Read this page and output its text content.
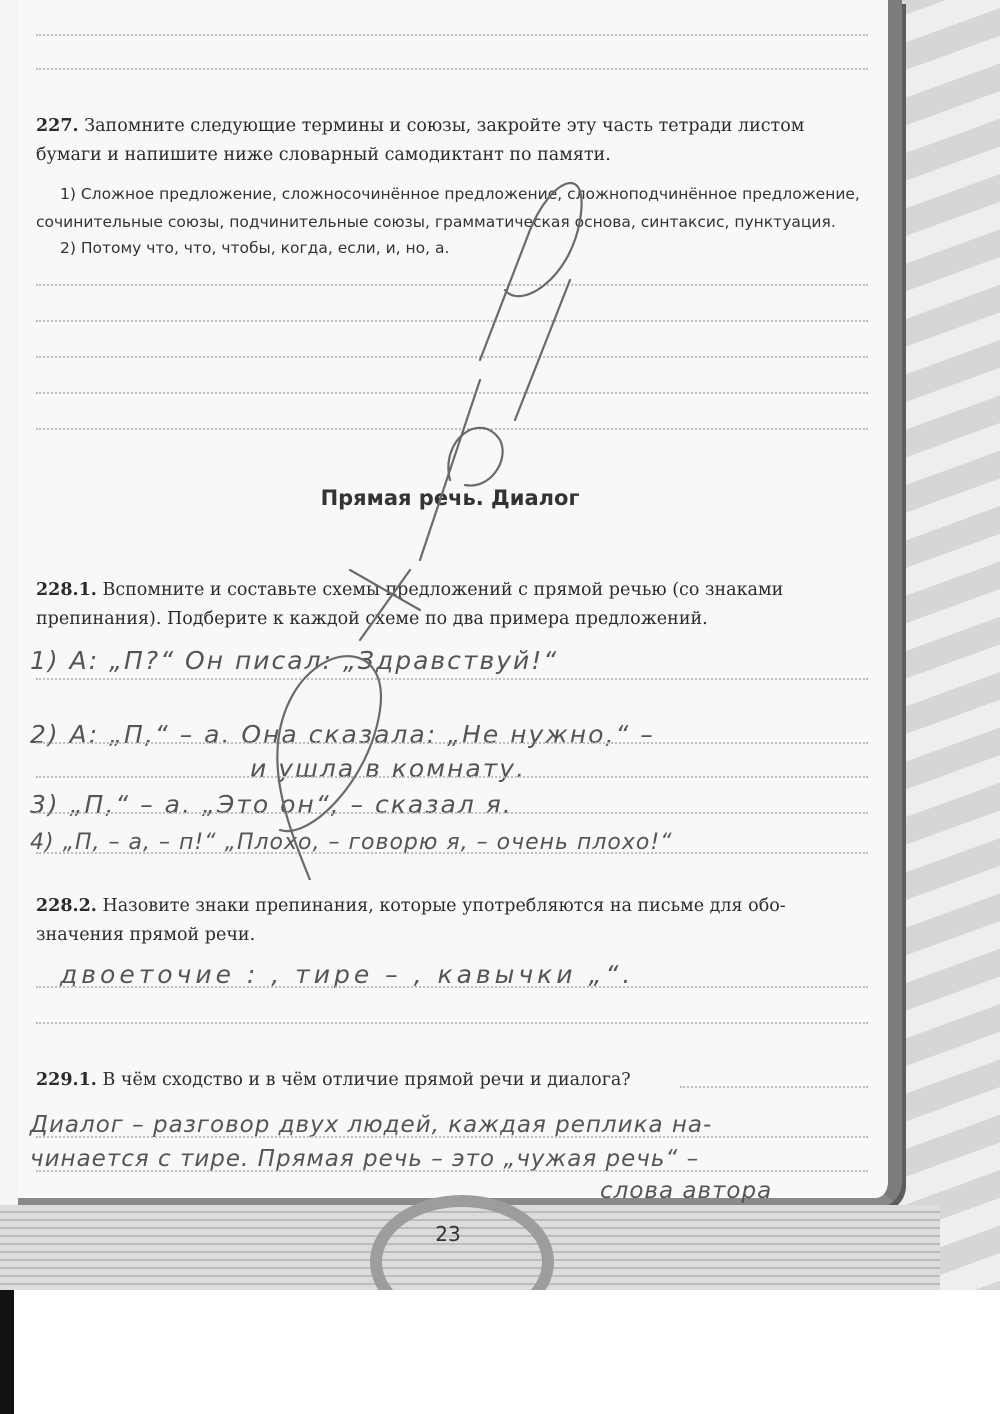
227. Запомните следующие термины и союзы, закройте эту часть тетради листом
бумаги и напишите ниже словарный самодиктант по памяти.
1) Сложное предложение, сложносочинённое предложение, сложноподчинённое предложение,
сочинительные союзы, подчинительные союзы, грамматическая основа, синтаксис, пунктуация.
2) Потому что, что, чтобы, когда, если, и, но, а.
Прямая речь. Диалог
228.1. Вспомните и составьте схемы предложений с прямой речью (со знаками
препинания). Подберите к каждой схеме по два примера предложений.
1) А: „П?“ Он писал: „Здравствуй!“
2) А: „П,“ – а. Она сказала: „Не нужно,“ –
и ушла в комнату.
3) „П,“ – а. „Это он“, – сказал я.
4) „П, – а, – п!“ „Плохо, – говорю я, – очень плохо!“
228.2. Назовите знаки препинания, которые употребляются на письме для обо-
значения прямой речи.
двоеточие : , тире – , кавычки „“.
229.1. В чём сходство и в чём отличие прямой речи и диалога?
Диалог – разговор двух людей, каждая реплика на-
чинается с тире. Прямая речь – это „чужая речь“ –
слова автора
23
